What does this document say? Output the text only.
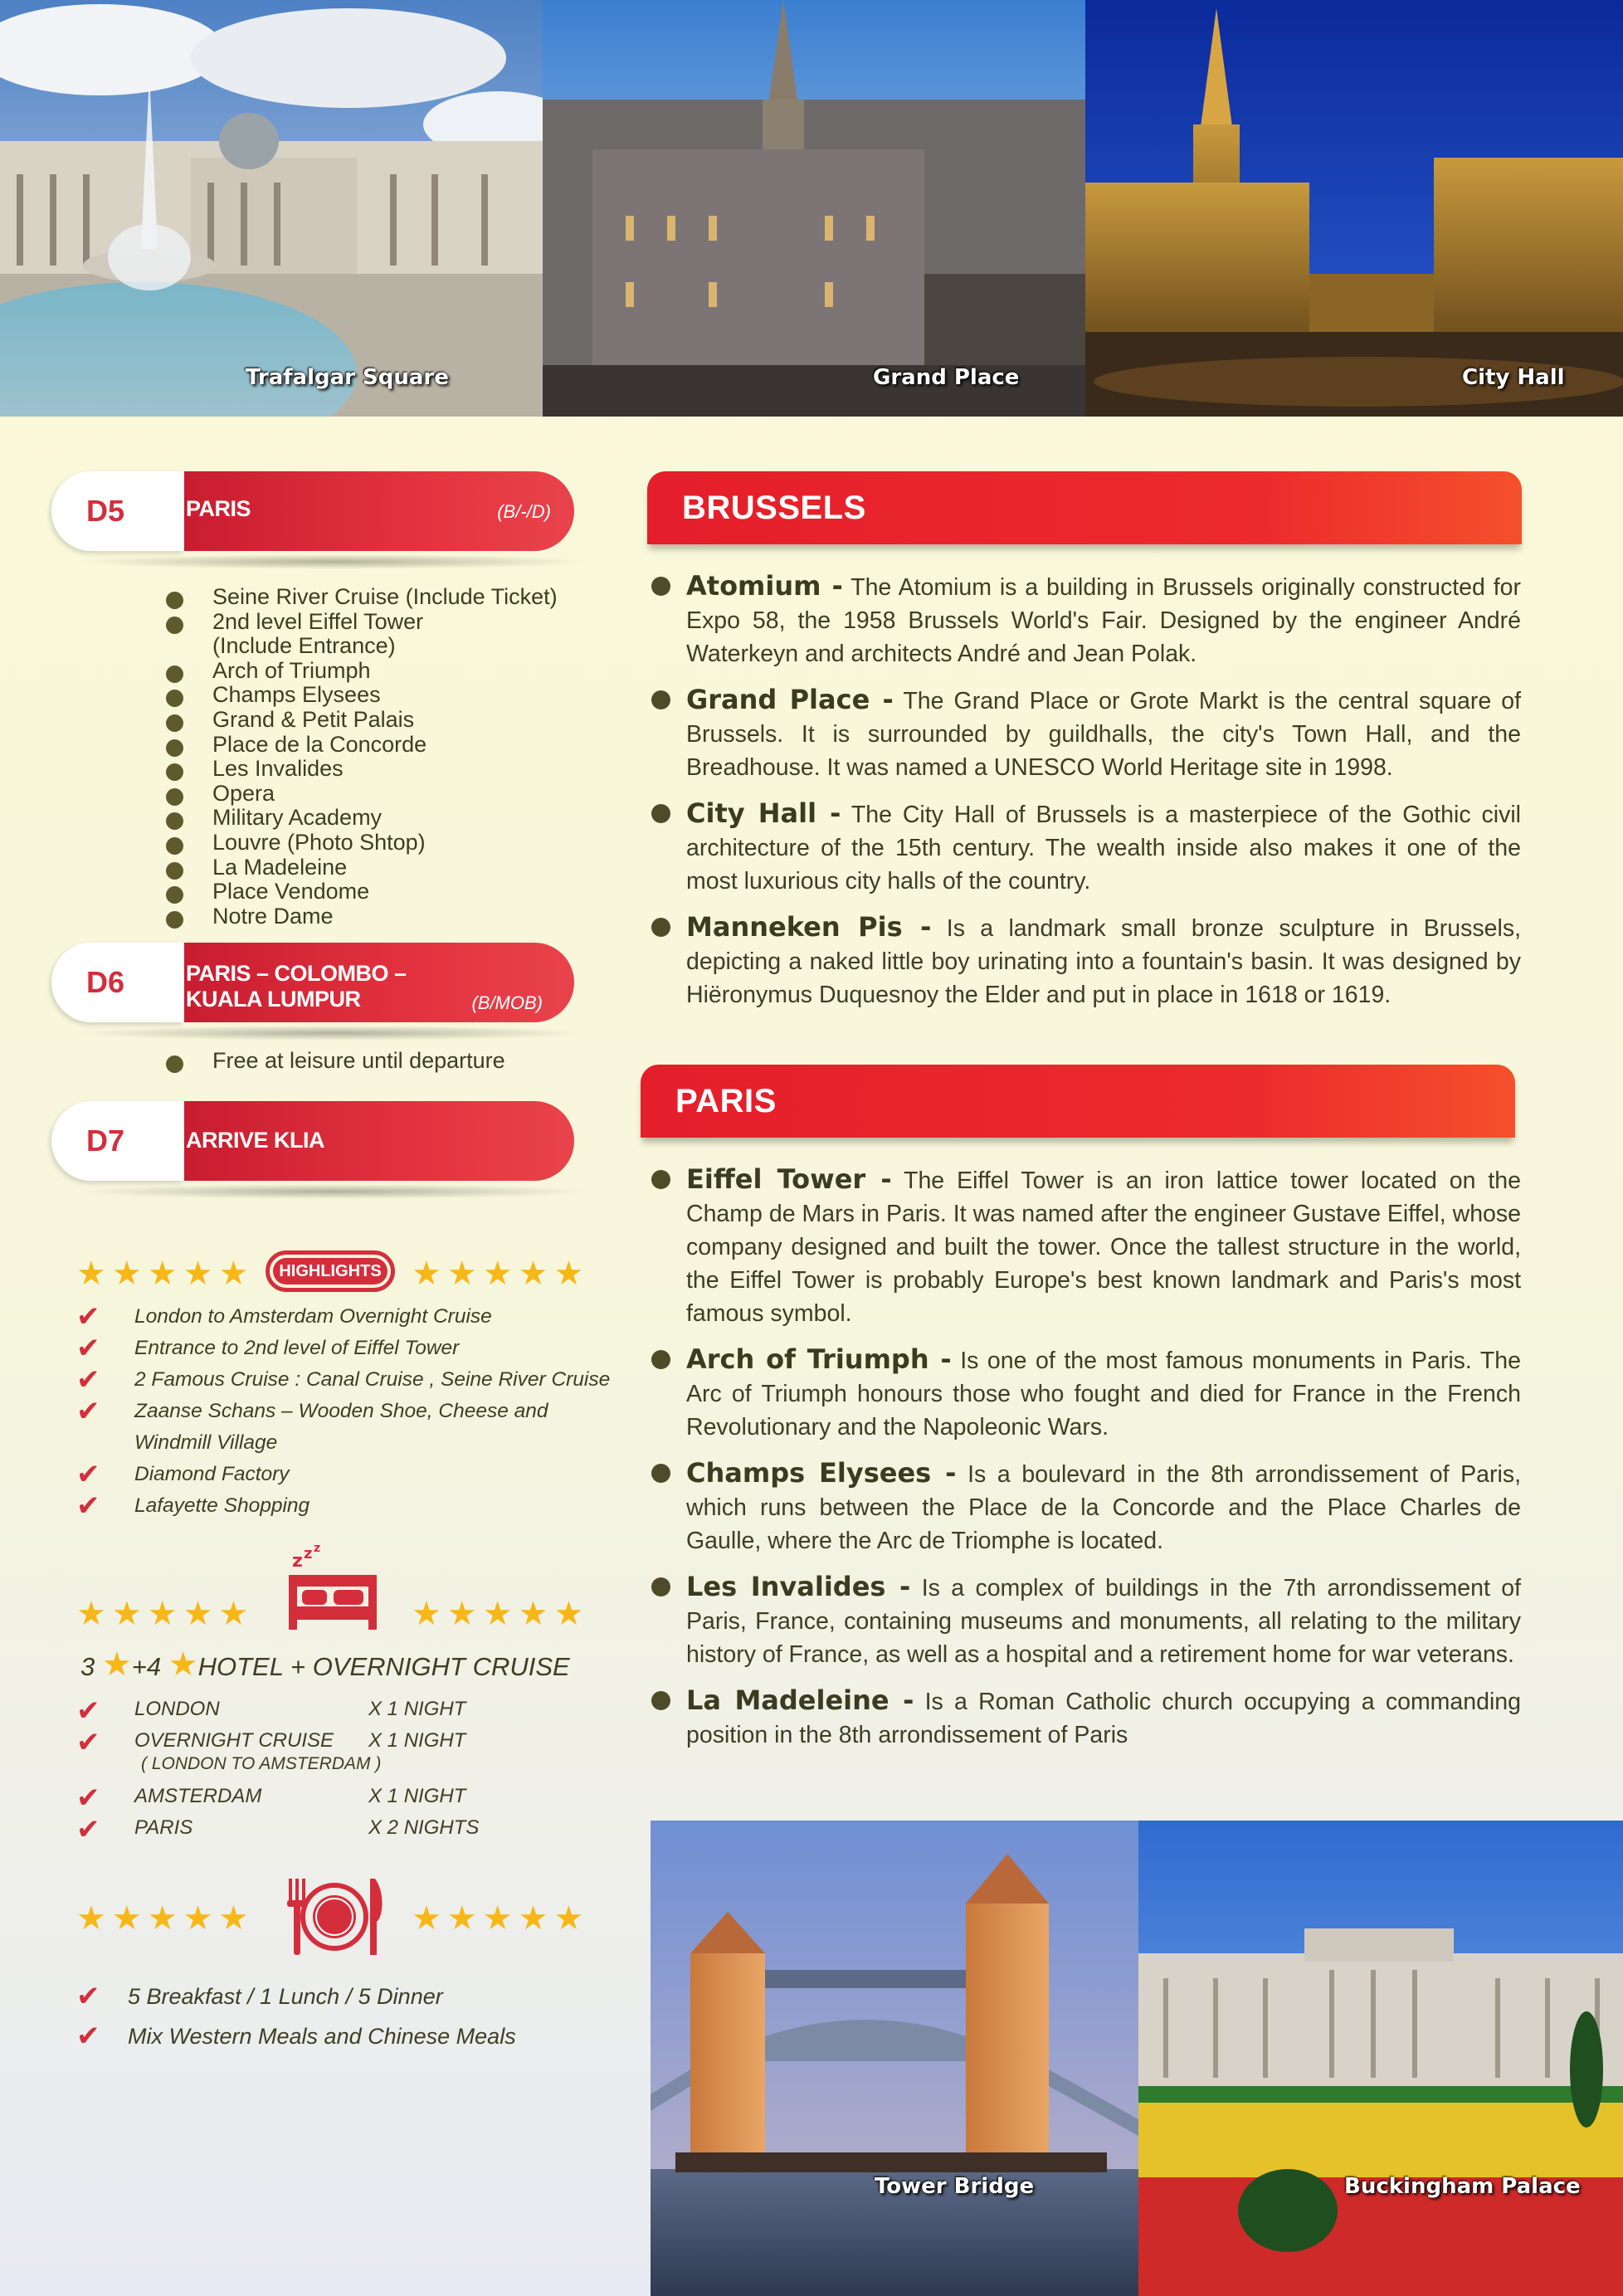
Trafalgar Square	Grand Place	City Hall
PARIS	(B/-/D)
D5
Seine River Cruise (Include Ticket)
2nd level Eiffel Tower
(Include Entrance)
Arch of Triumph
Champs Elysees
Grand & Petit Palais
Place de la Concorde
Les Invalides
Opera
Military Academy
Louvre (Photo Shtop)
La Madeleine
Place Vendome
Notre Dame
PARIS – COLOMBO –
KUALA LUMPUR	(B/MOB)
D6
Free at leisure until departure
ARRIVE KLIA
D7
★★★★★	HIGHLIGHTS ★★★★★
✔ London to Amsterdam Overnight Cruise
✔ Entrance to 2nd level of Eiffel Tower
✔ 2 Famous Cruise : Canal Cruise , Seine River Cruise
✔ Zaanse Schans – Wooden Shoe, Cheese and Windmill Village
✔ Diamond Factory
✔ Lafayette Shopping
★★★★★
z z z
★★★★★
3 ★+4 ★HOTEL + OVERNIGHT CRUISE
✔ LONDON	X 1 NIGHT
✔ OVERNIGHT CRUISE X 1 NIGHT
( LONDON TO AMSTERDAM )
✔ AMSTERDAM	X 1 NIGHT
✔ PARIS	X 2 NIGHTS
★★★★★	★★★★★
✔ 5 Breakfast / 1 Lunch / 5 Dinner
✔ Mix Western Meals and Chinese Meals
BRUSSELS
Atomium - The Atomium is a building in Brussels originally constructed for Expo 58, the 1958 Brussels World's Fair. Designed by the engineer André Waterkeyn and architects André and Jean Polak.
Grand Place - The Grand Place or Grote Markt is the central square of Brussels. It is surrounded by guildhalls, the city's Town Hall, and the Breadhouse. It was named a UNESCO World Heritage site in 1998.
City Hall - The City Hall of Brussels is a masterpiece of the Gothic civil architecture of the 15th century. The wealth inside also makes it one of the most luxurious city halls of the country.
Manneken Pis - Is a landmark small bronze sculpture in Brussels, depicting a naked little boy urinating into a fountain's basin. It was designed by Hiëronymus Duquesnoy the Elder and put in place in 1618 or 1619.
PARIS
Eiffel Tower - The Eiffel Tower is an iron lattice tower located on the Champ de Mars in Paris. It was named after the engineer Gustave Eiffel, whose company designed and built the tower. Once the tallest structure in the world, the Eiffel Tower is probably Europe's best known landmark and Paris's most famous symbol.
Arch of Triumph - Is one of the most famous monuments in Paris. The Arc of Triumph honours those who fought and died for France in the French Revolutionary and the Napoleonic Wars.
Champs Elysees - Is a boulevard in the 8th arrondissement of Paris, which runs between the Place de la Concorde and the Place Charles de Gaulle, where the Arc de Triomphe is located.
Les Invalides - Is a complex of buildings in the 7th arrondissement of Paris, France, containing museums and monuments, all relating to the military history of France, as well as a hospital and a retirement home for war veterans.
La Madeleine - Is a Roman Catholic church occupying a commanding position in the 8th arrondissement of Paris
Tower Bridge	Buckingham Palace
